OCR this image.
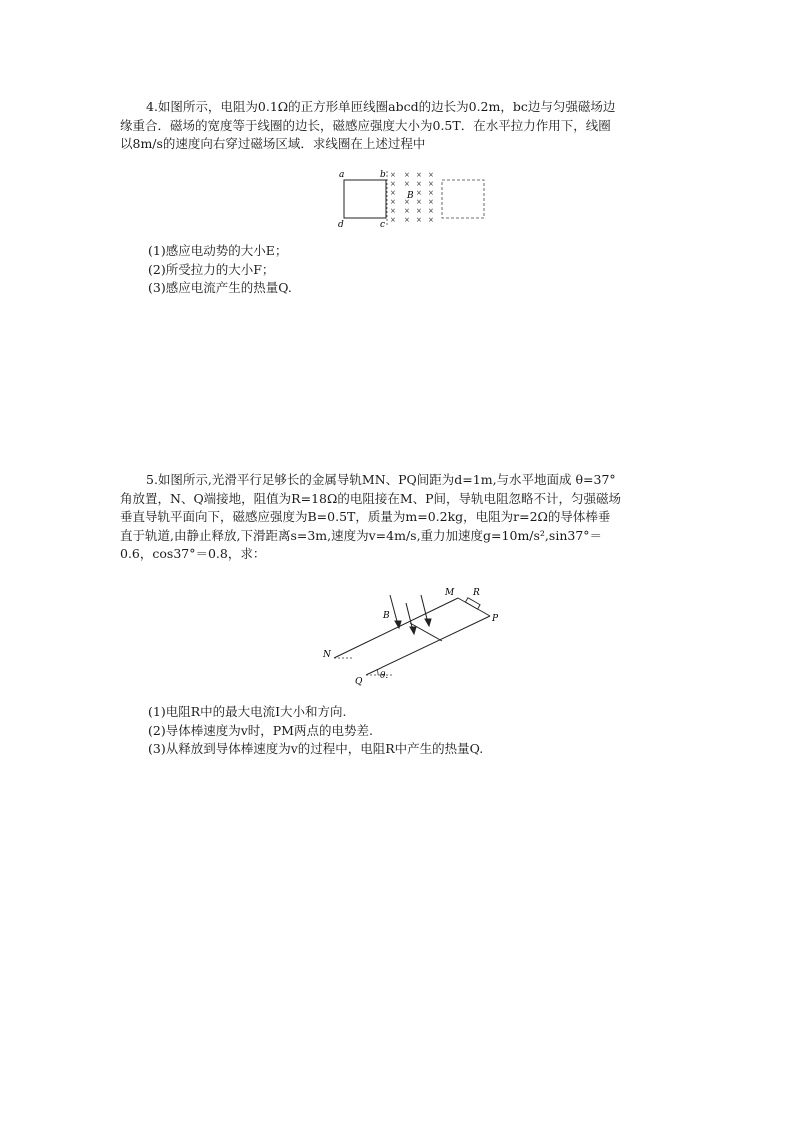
4.如图所示，电阻为0.1Ω的正方形单匝线圈abcd的边长为0.2m，bc边与匀强磁场边
缘重合．磁场的宽度等于线圈的边长，磁感应强度大小为0.5T．在水平拉力作用下，线圈
以8m/s的速度向右穿过磁场区域．求线圈在上述过程中
× × × ×
× × × ×
×	× ×
× × × ×
× × × ×
× × × ×
B
a	b
c
d
(1)感应电动势的大小E；
(2)所受拉力的大小F；
(3)感应电流产生的热量Q.
5.如图所示,光滑平行足够长的金属导轨MN、PQ间距为d=1m,与水平地面成 θ=37°
角放置，N、Q端接地，阻值为R=18Ω的电阻接在M、P间，导轨电阻忽略不计，匀强磁场
垂直导轨平面向下，磁感应强度为B=0.5T，质量为m=0.2kg，电阻为r=2Ω的导体棒垂
直于轨道,由静止释放,下滑距离s=3m,速度为v=4m/s,重力加速度g=10m/s²,sin37°＝
0.6，cos37°＝0.8，求：
B
M R
P
N
Q
θ.
(1)电阻R中的最大电流I大小和方向.
(2)导体棒速度为v时，PM两点的电势差.
(3)从释放到导体棒速度为v的过程中，电阻R中产生的热量Q.
